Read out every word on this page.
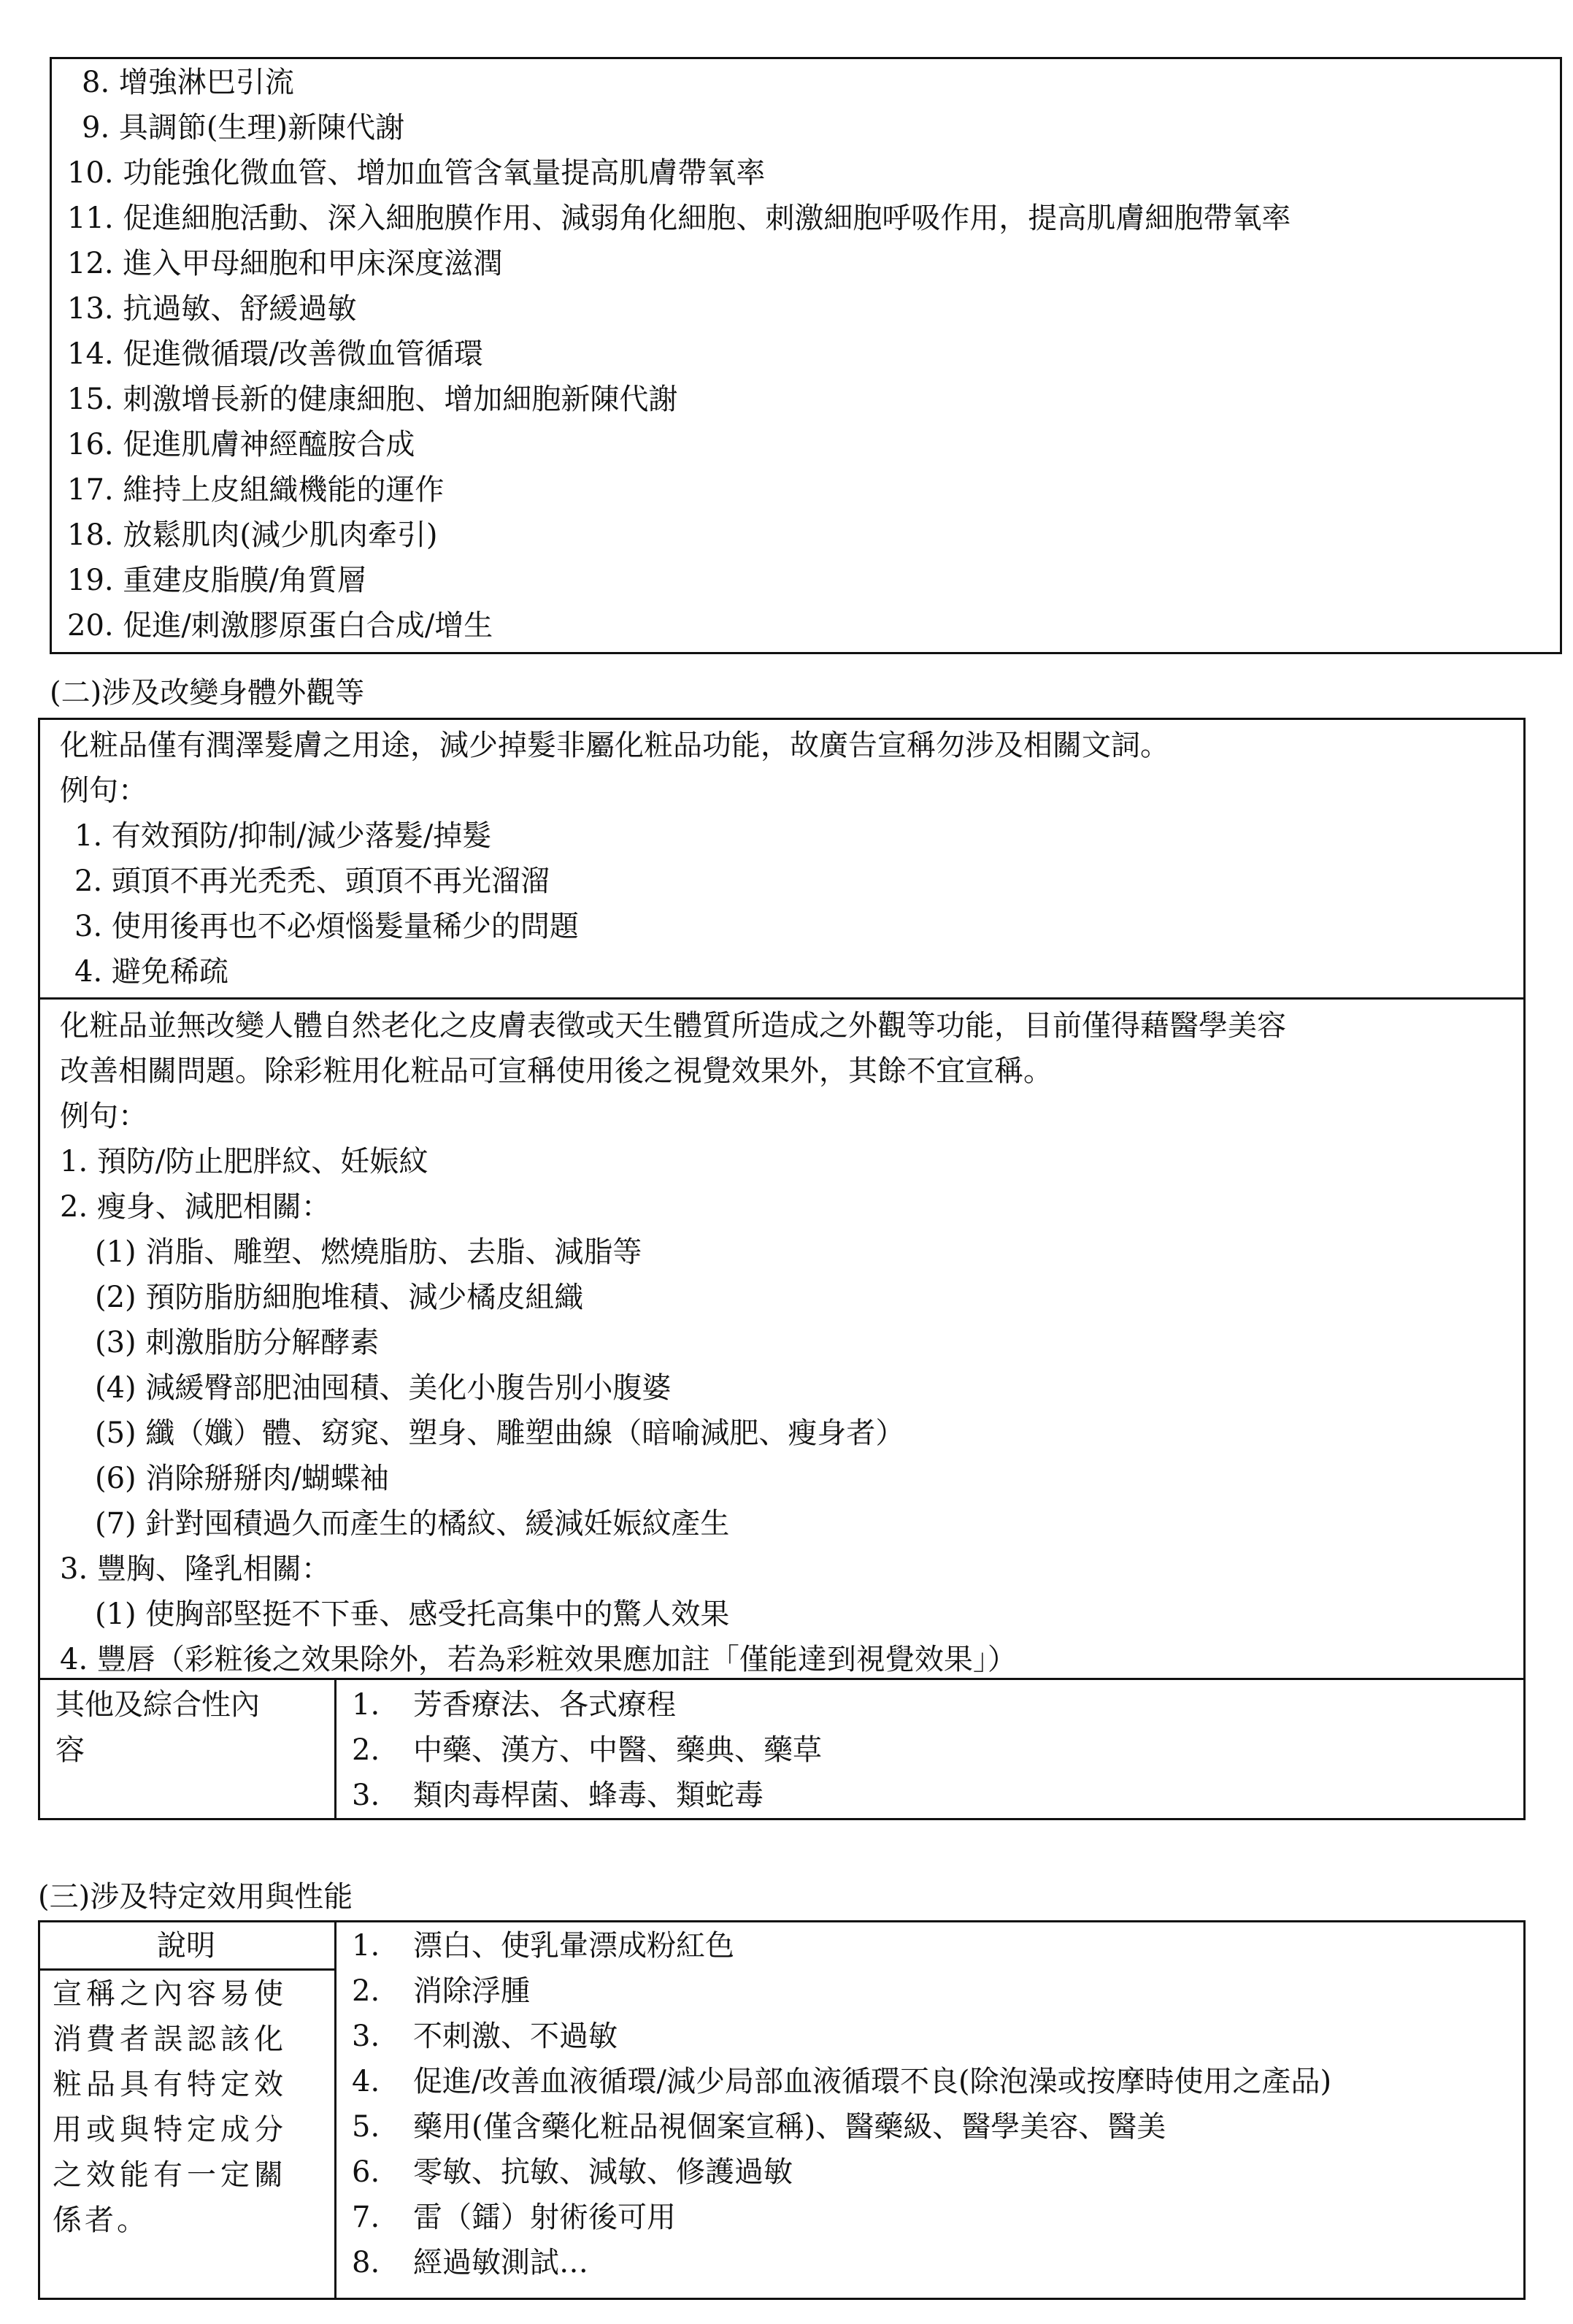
8. 增強淋巴引流
9. 具調節(生理)新陳代謝
10. 功能強化微血管、增加血管含氧量提高肌膚帶氧率
11. 促進細胞活動、深入細胞膜作用、減弱角化細胞、刺激細胞呼吸作用，提高肌膚細胞帶氧率
12. 進入甲母細胞和甲床深度滋潤
13. 抗過敏、舒緩過敏
14. 促進微循環/改善微血管循環
15. 刺激增長新的健康細胞、增加細胞新陳代謝
16. 促進肌膚神經醯胺合成
17. 維持上皮組織機能的運作
18. 放鬆肌肉(減少肌肉牽引)
19. 重建皮脂膜/角質層
20. 促進/刺激膠原蛋白合成/增生
(二)涉及改變身體外觀等
化粧品僅有潤澤髮膚之用途，減少掉髮非屬化粧品功能，故廣告宣稱勿涉及相關文詞。
例句：
1. 有效預防/抑制/減少落髮/掉髮
2. 頭頂不再光禿禿、頭頂不再光溜溜
3. 使用後再也不必煩惱髮量稀少的問題
4. 避免稀疏
化粧品並無改變人體自然老化之皮膚表徵或天生體質所造成之外觀等功能，目前僅得藉醫學美容
改善相關問題。除彩粧用化粧品可宣稱使用後之視覺效果外，其餘不宜宣稱。
例句：
1. 預防/防止肥胖紋、妊娠紋
2. 瘦身、減肥相關：
(1) 消脂、雕塑、燃燒脂肪、去脂、減脂等
(2) 預防脂肪細胞堆積、減少橘皮組織
(3) 刺激脂肪分解酵素
(4) 減緩臀部肥油囤積、美化小腹告別小腹婆
(5) 纖（孅）體、窈窕、塑身、雕塑曲線（暗喻減肥、瘦身者）
(6) 消除掰掰肉/蝴蝶袖
(7) 針對囤積過久而產生的橘紋、緩減妊娠紋產生
3. 豐胸、隆乳相關：
(1) 使胸部堅挺不下垂、感受托高集中的驚人效果
4. 豐唇（彩粧後之效果除外，若為彩粧效果應加註「僅能達到視覺效果」）
其他及綜合性內
容
1. 芳香療法、各式療程
2. 中藥、漢方、中醫、藥典、藥草
3. 類肉毒桿菌、蜂毒、類蛇毒
(三)涉及特定效用與性能
說明
宣稱之內容易使
消費者誤認該化
粧品具有特定效
用或與特定成分
之效能有一定關
係者。
1. 漂白、使乳暈漂成粉紅色
2. 消除浮腫
3. 不刺激、不過敏
4. 促進/改善血液循環/減少局部血液循環不良(除泡澡或按摩時使用之產品)
5. 藥用(僅含藥化粧品視個案宣稱)、醫藥級、醫學美容、醫美
6. 零敏、抗敏、減敏、修護過敏
7. 雷（鐳）射術後可用
8. 經過敏測試…
